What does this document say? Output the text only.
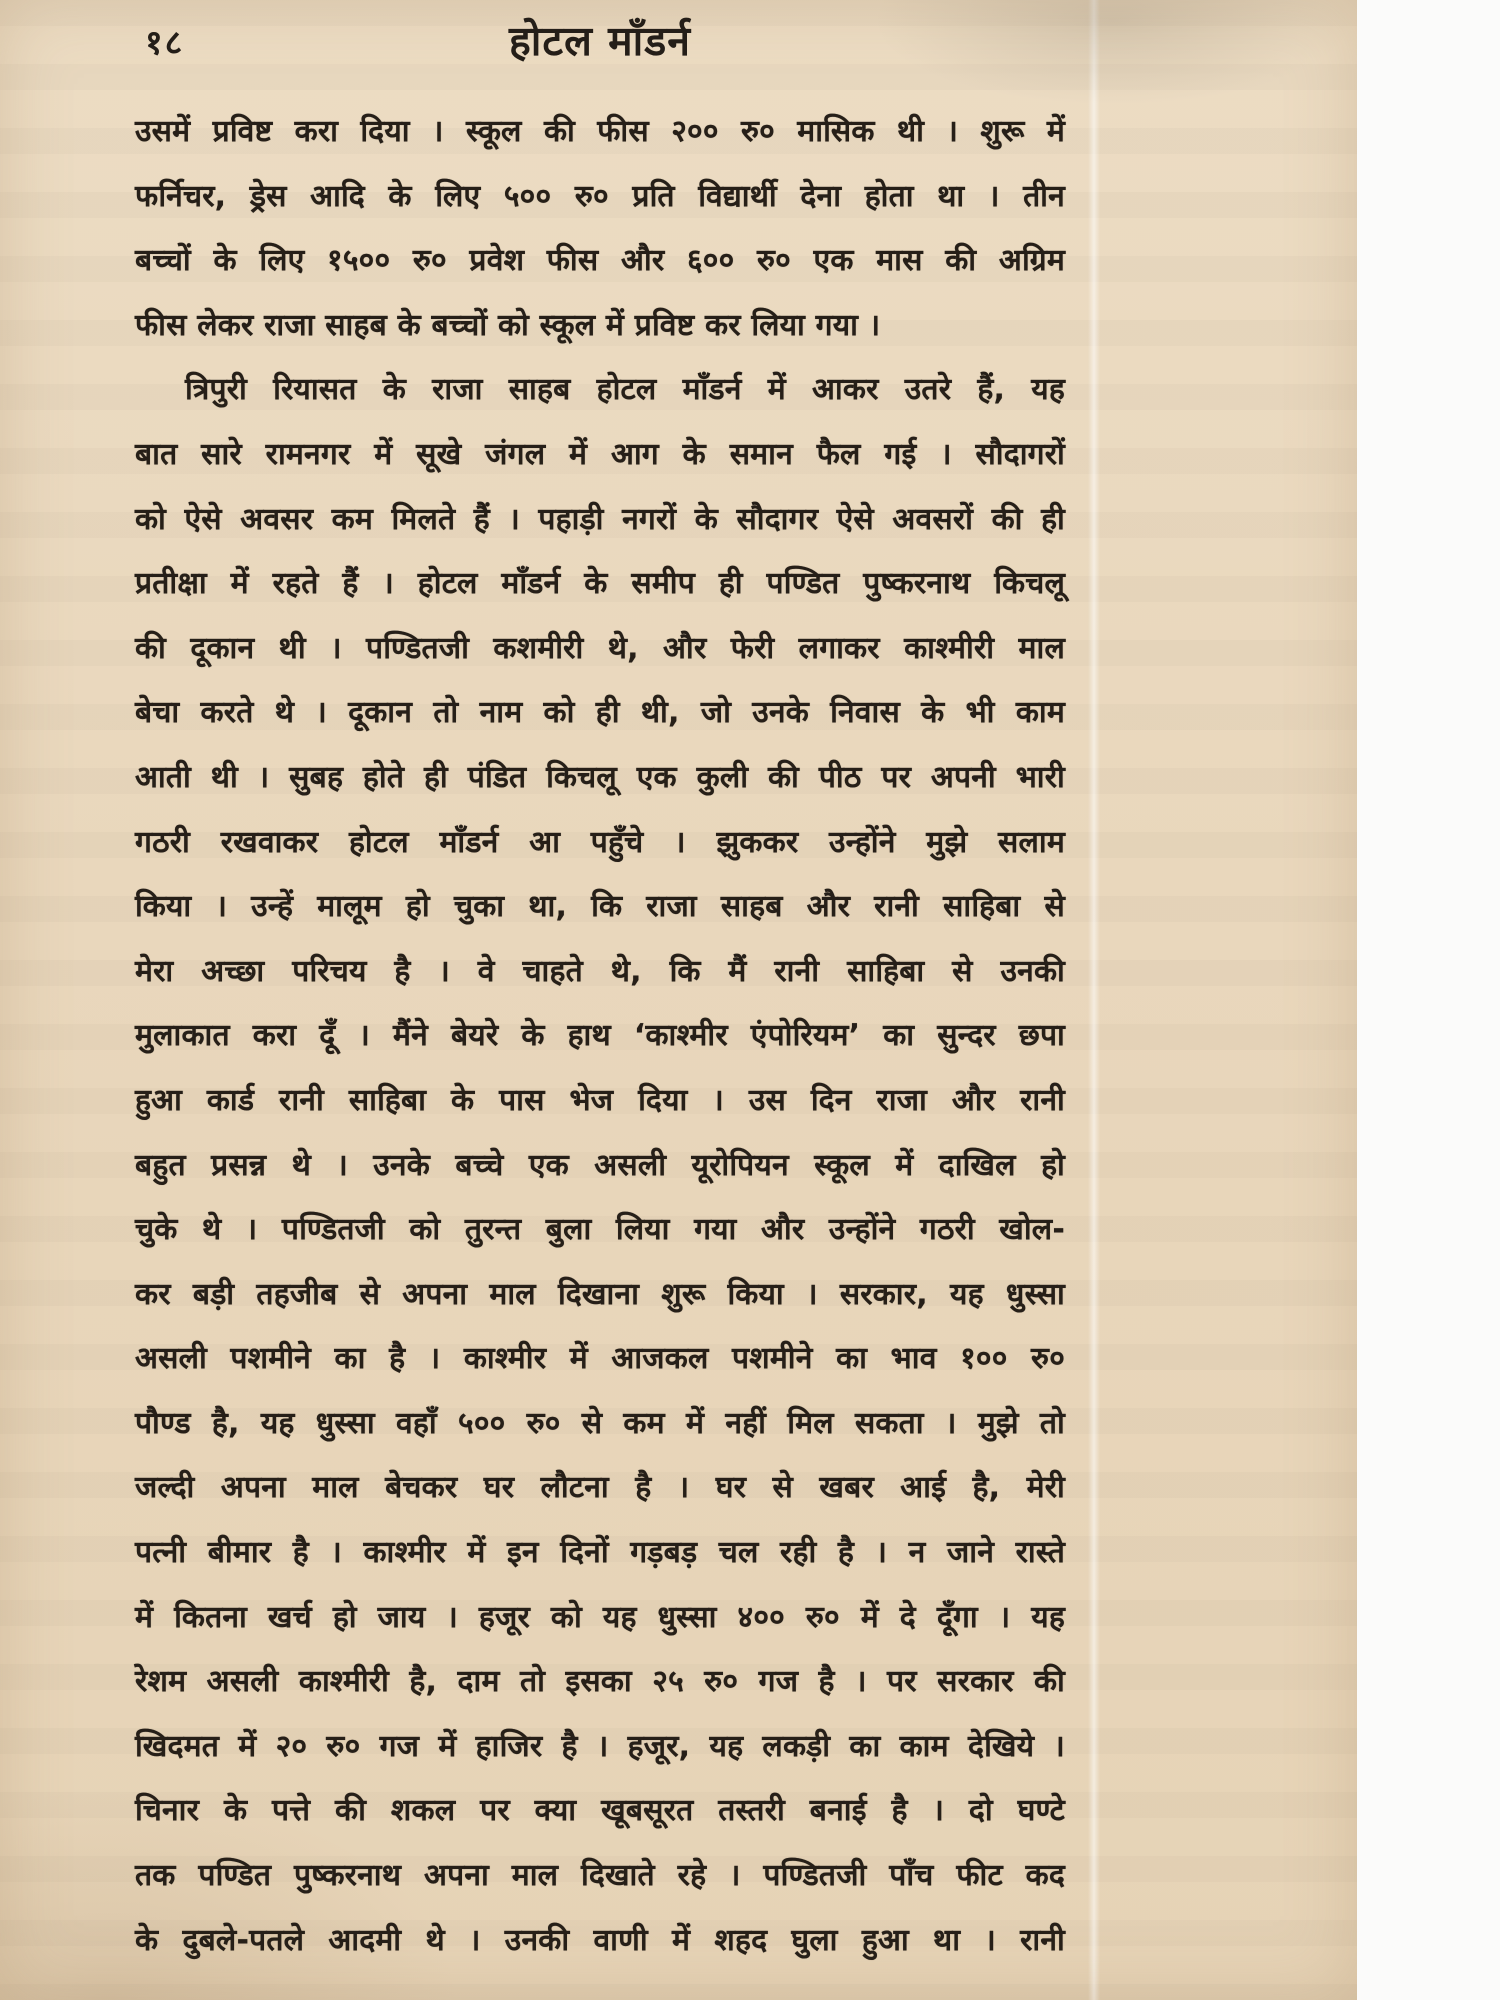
१८	होटल माँडर्न
उसमें प्रविष्ट करा दिया । स्कूल की फीस २०० रु० मासिक थी । शुरू में
फर्निचर, ड्रेस आदि के लिए ५०० रु० प्रति विद्यार्थी देना होता था । तीन
बच्चों के लिए १५०० रु० प्रवेश फीस और ६०० रु० एक मास की अग्रिम
फीस लेकर राजा साहब के बच्चों को स्कूल में प्रविष्ट कर लिया गया ।
त्रिपुरी रियासत के राजा साहब होटल माँडर्न में आकर उतरे हैं, यह
बात सारे रामनगर में सूखे जंगल में आग के समान फैल गई । सौदागरों
को ऐसे अवसर कम मिलते हैं । पहाड़ी नगरों के सौदागर ऐसे अवसरों की ही
प्रतीक्षा में रहते हैं । होटल माँडर्न के समीप ही पण्डित पुष्करनाथ किचलू
की दूकान थी । पण्डितजी कशमीरी थे, और फेरी लगाकर काश्मीरी माल
बेचा करते थे । दूकान तो नाम को ही थी, जो उनके निवास के भी काम
आती थी । सुबह होते ही पंडित किचलू एक कुली की पीठ पर अपनी भारी
गठरी रखवाकर होटल माँडर्न आ पहुँचे । झुककर उन्होंने मुझे सलाम
किया । उन्हें मालूम हो चुका था, कि राजा साहब और रानी साहिबा से
मेरा अच्छा परिचय है । वे चाहते थे, कि मैं रानी साहिबा से उनकी
मुलाकात करा दूँ । मैंने बेयरे के हाथ ‘काश्मीर एंपोरियम’ का सुन्दर छपा
हुआ कार्ड रानी साहिबा के पास भेज दिया । उस दिन राजा और रानी
बहुत प्रसन्न थे । उनके बच्चे एक असली यूरोपियन स्कूल में दाखिल हो
चुके थे । पण्डितजी को तुरन्त बुला लिया गया और उन्होंने गठरी खोल-
कर बड़ी तहजीब से अपना माल दिखाना शुरू किया । सरकार, यह धुस्सा
असली पशमीने का है । काश्मीर में आजकल पशमीने का भाव १०० रु०
पौण्ड है, यह धुस्सा वहाँ ५०० रु० से कम में नहीं मिल सकता । मुझे तो
जल्दी अपना माल बेचकर घर लौटना है । घर से खबर आई है, मेरी
पत्नी बीमार है । काश्मीर में इन दिनों गड़बड़ चल रही है । न जाने रास्ते
में कितना खर्च हो जाय । हजूर को यह धुस्सा ४०० रु० में दे दूँगा । यह
रेशम असली काश्मीरी है, दाम तो इसका २५ रु० गज है । पर सरकार की
खिदमत में २० रु० गज में हाजिर है । हजूर, यह लकड़ी का काम देखिये ।
चिनार के पत्ते की शकल पर क्या खूबसूरत तस्तरी बनाई है । दो घण्टे
तक पण्डित पुष्करनाथ अपना माल दिखाते रहे । पण्डितजी पाँच फीट कद
के दुबले-पतले आदमी थे । उनकी वाणी में शहद घुला हुआ था । रानी
